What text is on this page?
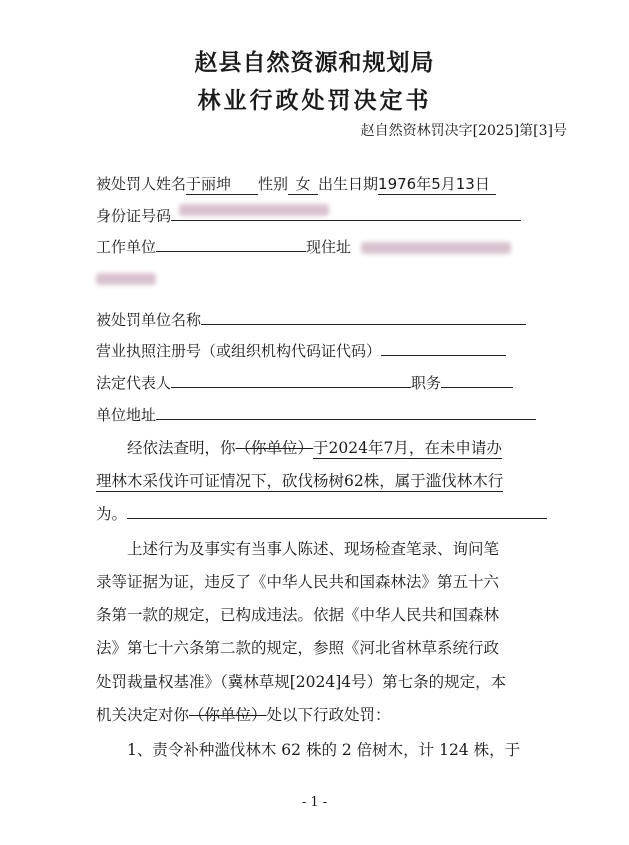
赵县自然资源和规划局
林业行政处罚决定书
赵自然资林罚决字[2025]第[3]号
被处罚人姓名于丽坤 性别 女 出生日期1976年5月13日
身份证号码
工作单位	现住址
被处罚单位名称
营业执照注册号（或组织机构代码证代码）
法定代表人	职务
单位地址
经依法查明，你（你单位）于2024年7月，在未申请办
理林木采伐许可证情况下，砍伐杨树62株，属于滥伐林木行
为。
上述行为及事实有当事人陈述、现场检查笔录、询问笔
录等证据为证，违反了《中华人民共和国森林法》第五十六
条第一款的规定，已构成违法。依据《中华人民共和国森林
法》第七十六条第二款的规定，参照《河北省林草系统行政
处罚裁量权基准》（冀林草规[2024]4号）第七条的规定，本
机关决定对你（你单位）处以下行政处罚：
1、责令补种滥伐林木 62 株的 2 倍树木，计 124 株，于
- 1 -
